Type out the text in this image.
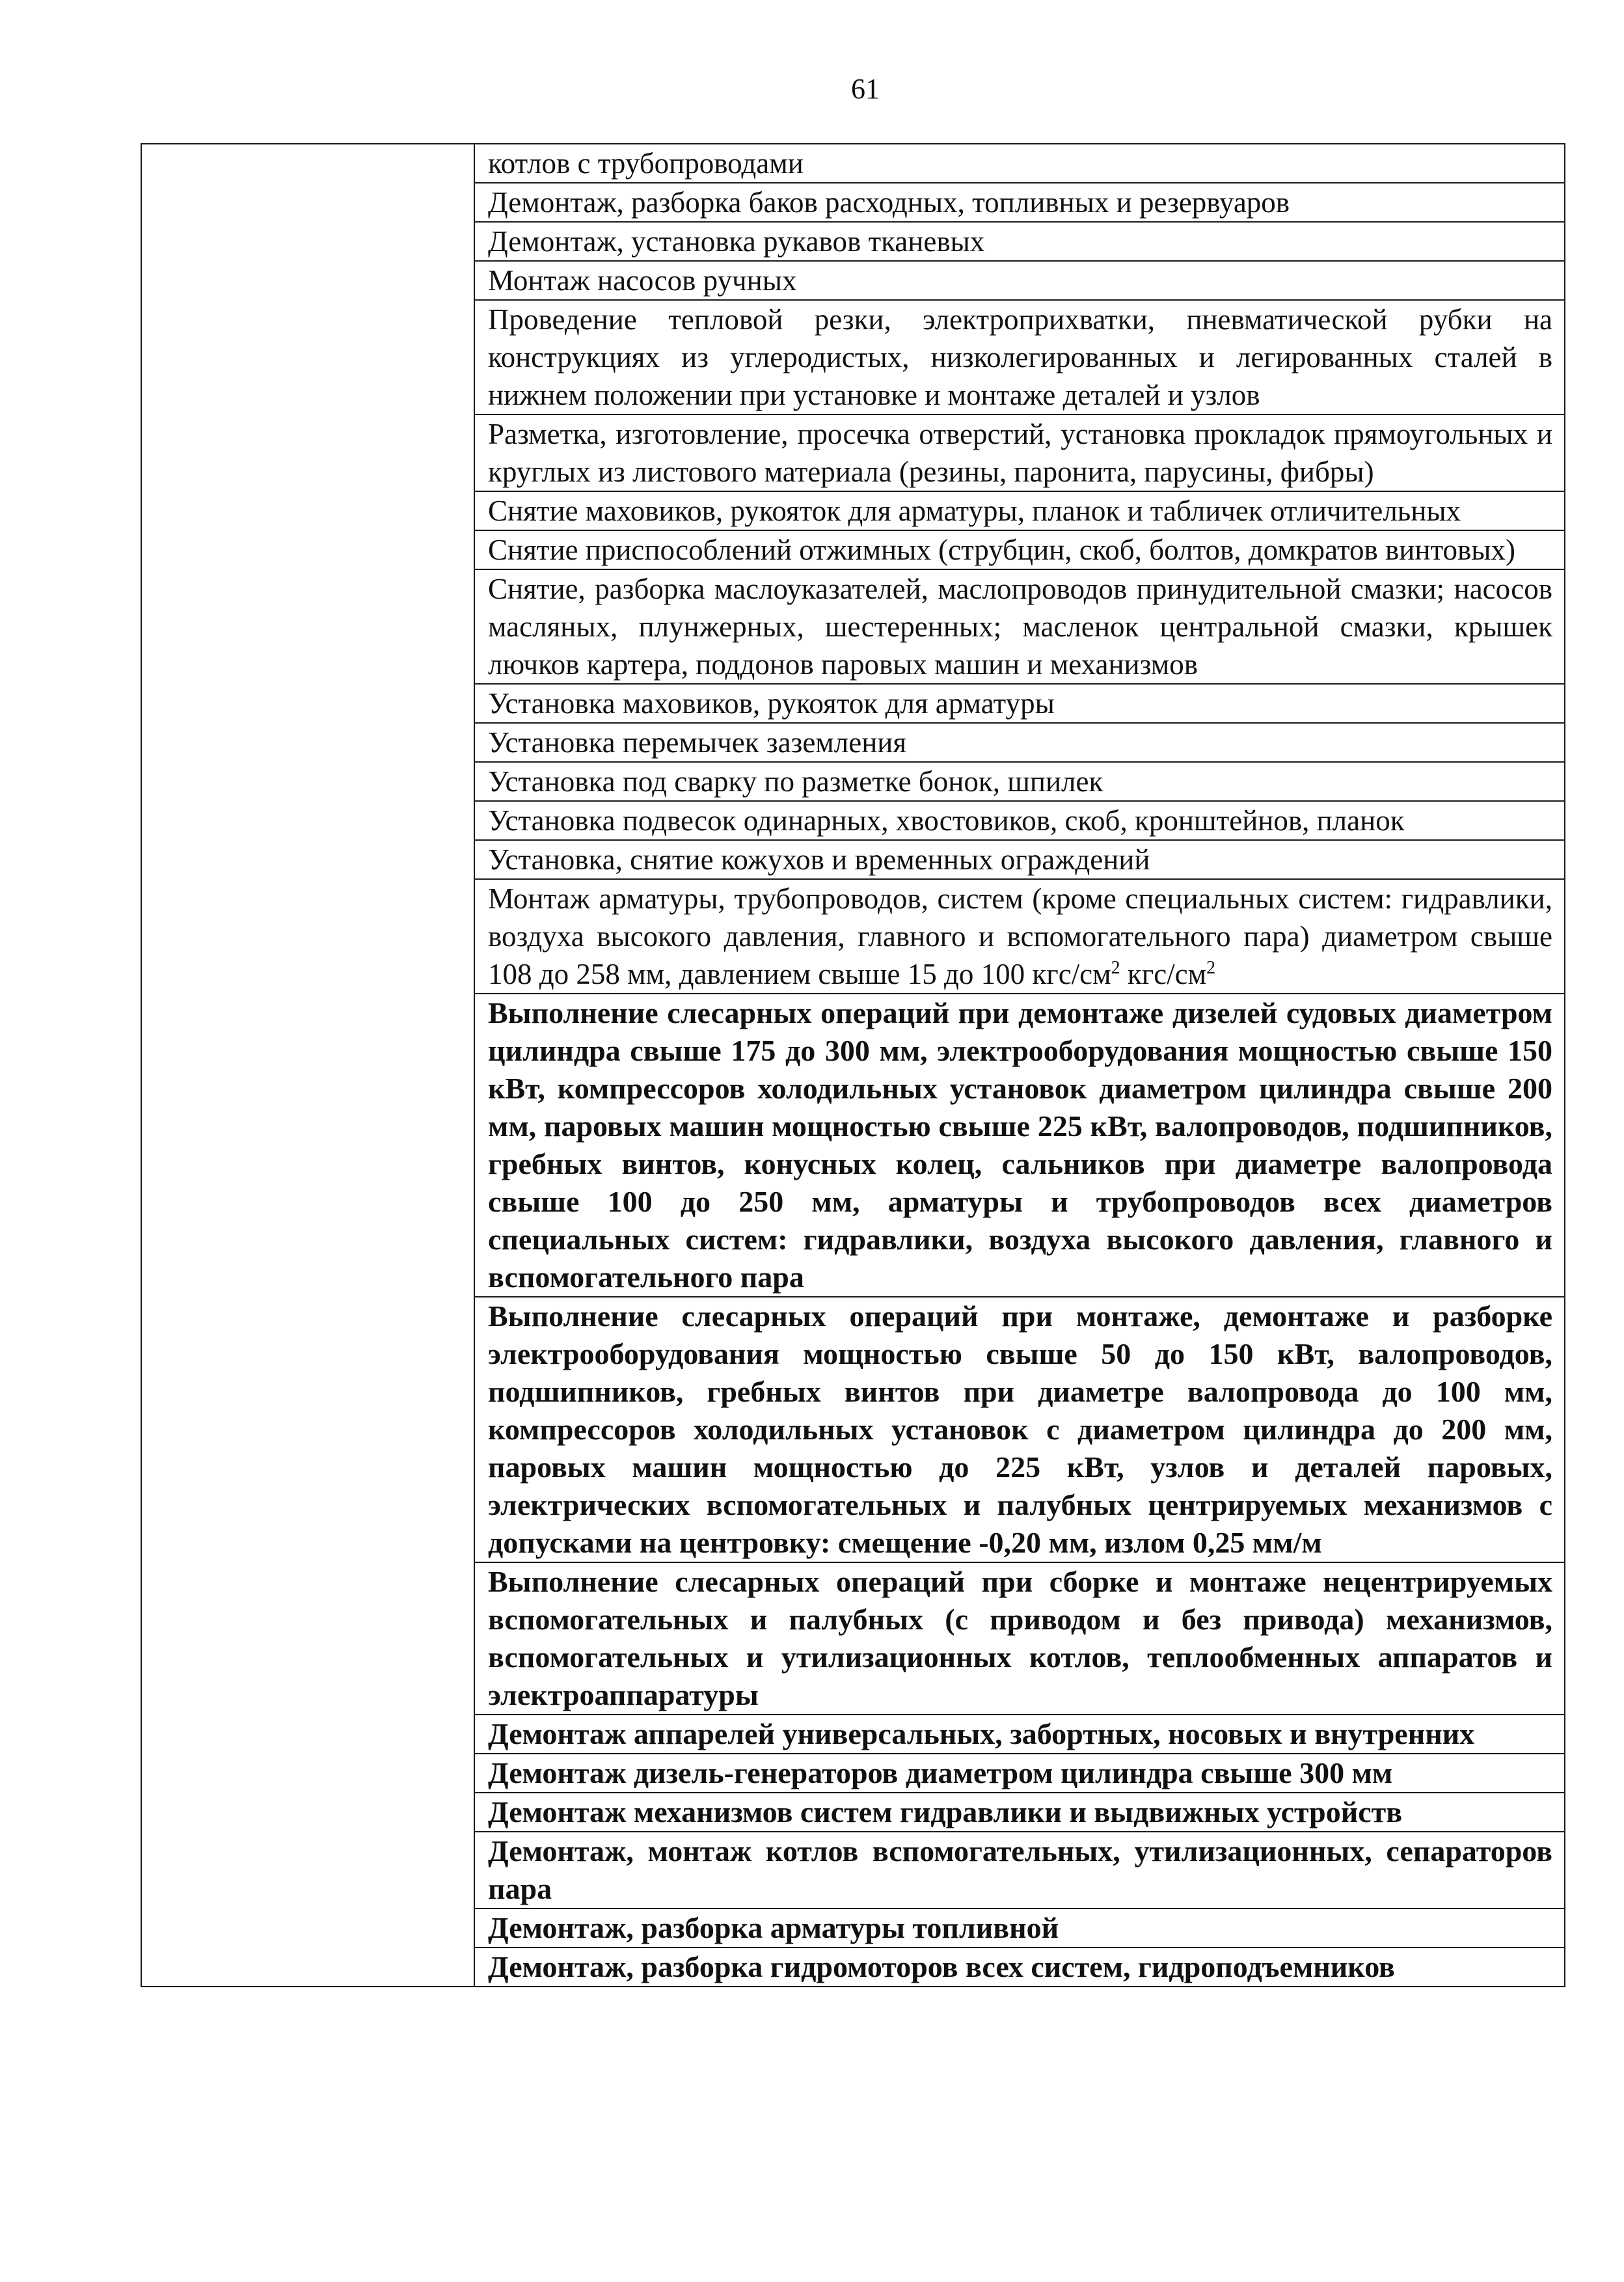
61
	котлов с трубопроводами
Демонтаж, разборка баков расходных, топливных и резервуаров
Демонтаж, установка рукавов тканевых
Монтаж насосов ручных
Проведение тепловой резки, электроприхватки, пневматической рубки на конструкциях из углеродистых, низколегированных и легированных сталей в нижнем положении при установке и монтаже деталей и узлов
Разметка, изготовление, просечка отверстий, установка прокладок прямоугольных и круглых из листового материала (резины, паронита, парусины, фибры)
Снятие маховиков, рукояток для арматуры, планок и табличек отличительных
Снятие приспособлений отжимных (струбцин, скоб, болтов, домкратов винтовых)
Снятие, разборка маслоуказателей, маслопроводов принудительной смазки; насосов масляных, плунжерных, шестеренных; масленок центральной смазки, крышек лючков картера, поддонов паровых машин и механизмов
Установка маховиков, рукояток для арматуры
Установка перемычек заземления
Установка под сварку по разметке бонок, шпилек
Установка подвесок одинарных, хвостовиков, скоб, кронштейнов, планок
Установка, снятие кожухов и временных ограждений
Монтаж арматуры, трубопроводов, систем (кроме специальных систем: гидравлики, воздуха высокого давления, главного и вспомогательного пара) диаметром свыше 108 до 258 мм, давлением свыше 15 до 100 кгс/$см^2$ кгс/$см^2$
Выполнение слесарных операций при демонтаже дизелей судовых диаметром цилиндра свыше 175 до 300 мм, электрооборудования мощностью свыше 150 кВт, компрессоров холодильных установок диаметром цилиндра свыше 200 мм, паровых машин мощностью свыше 225 кВт, валопроводов, подшипников, гребных винтов, конусных колец, сальников при диаметре валопровода свыше 100 до 250 мм, арматуры и трубопроводов всех диаметров специальных систем: гидравлики, воздуха высокого давления, главного и вспомогательного пара
Выполнение слесарных операций при монтаже, демонтаже и разборке электрооборудования мощностью свыше 50 до 150 кВт, валопроводов, подшипников, гребных винтов при диаметре валопровода до 100 мм, компрессоров холодильных установок с диаметром цилиндра до 200 мм, паровых машин мощностью до 225 кВт, узлов и деталей паровых, электрических вспомогательных и палубных центрируемых механизмов с допусками на центровку: смещение -0,20 мм, излом 0,25 мм/м
Выполнение слесарных операций при сборке и монтаже нецентрируемых вспомогательных и палубных (с приводом и без привода) механизмов, вспомогательных и утилизационных котлов, теплообменных аппаратов и электроаппаратуры
Демонтаж аппарелей универсальных, забортных, носовых и внутренних
Демонтаж дизель-генераторов диаметром цилиндра свыше 300 мм
Демонтаж механизмов систем гидравлики и выдвижных устройств
Демонтаж, монтаж котлов вспомогательных, утилизационных, сепараторов пара
Демонтаж, разборка арматуры топливной
Демонтаж, разборка гидромоторов всех систем, гидроподъемников
